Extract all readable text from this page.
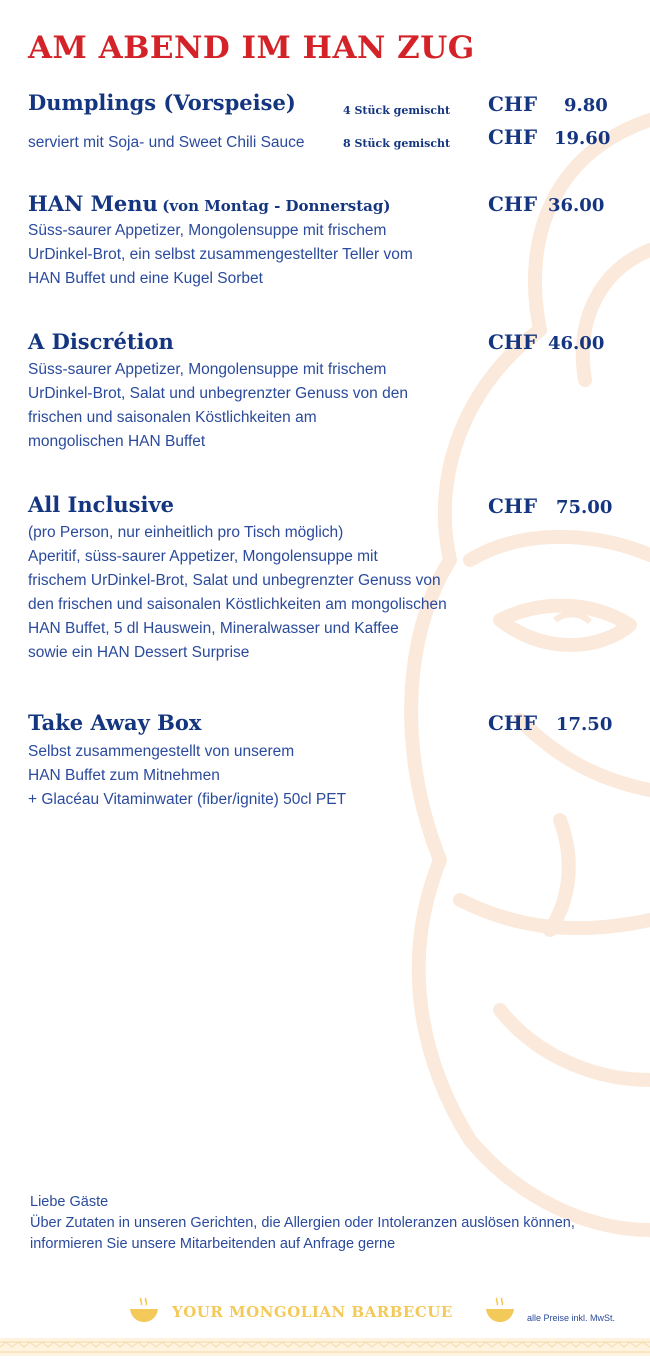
AM ABEND IM HAN ZUG
Dumplings (Vorspeise)	4 Stück gemischt CHF 9.80
serviert mit Soja- und Sweet Chili Sauce	8 Stück gemischt CHF 19.60
HAN Menu (von Montag - Donnerstag)	CHF 36.00

Süss-saurer Appetizer, Mongolensuppe mit frischem

UrDinkel-Brot, ein selbst zusammengestellter Teller vom

HAN Buffet und eine Kugel Sorbet

A Discrétion	CHF 46.00

Süss-saurer Appetizer, Mongolensuppe mit frischem

UrDinkel-Brot, Salat und unbegrenzter Genuss von den

frischen und saisonalen Köstlichkeiten am

mongolischen HAN Buffet

All Inclusive	CHF 75.00

(pro Person, nur einheitlich pro Tisch möglich)

Aperitif, süss-saurer Appetizer, Mongolensuppe mit

frischem UrDinkel-Brot, Salat und unbegrenzter Genuss von

den frischen und saisonalen Köstlichkeiten am mongolischen

HAN Buffet, 5 dl Hauswein, Mineralwasser und Kaffee

sowie ein HAN Dessert Surprise

Take Away Box	CHF 17.50

Selbst zusammengestellt von unserem

HAN Buffet zum Mitnehmen

+ Glacéau Vitaminwater (fiber/ignite) 50cl PET

Liebe Gäste
Über Zutaten in unseren Gerichten, die Allergien oder Intoleranzen auslösen können,
informieren Sie unsere Mitarbeitenden auf Anfrage gerne
YOUR MONGOLIAN BARBECUE	alle Preise inkl. MwSt.
